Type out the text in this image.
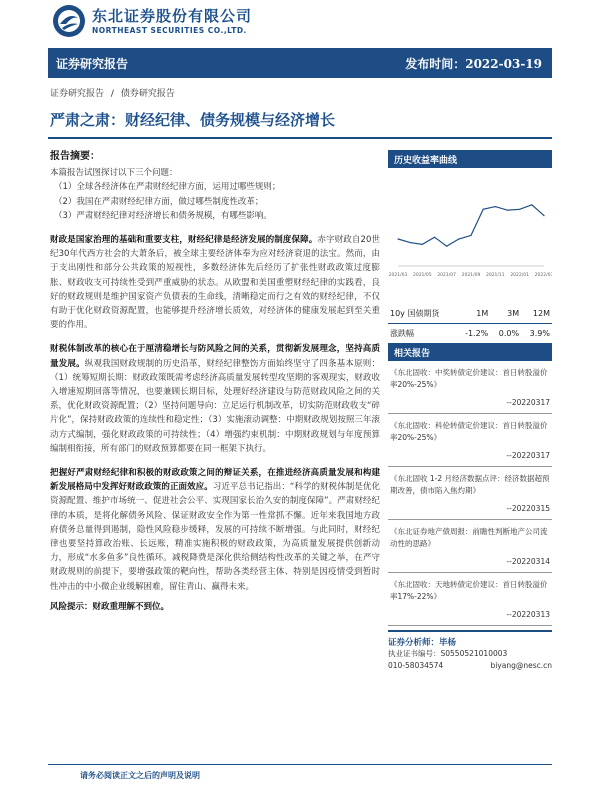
东北证券股份有限公司
NORTHEAST SECURITIES CO.,LTD.
证券研究报告	发布时间：2022-03-19
证券研究报告 / 债券研究报告
严肃之肃：财经纪律、债务规模与经济增长
报告摘要：

本篇报告试图探讨以下三个问题：

（1）全球各经济体在严肃财经纪律方面，运用过哪些规则；

（2）我国在严肃财经纪律方面，做过哪些制度性改革；

（3）严肃财经纪律对经济增长和债务规模，有哪些影响。

财政是国家治理的基础和重要支柱，财经纪律是经济发展的制度保障。赤字财政自20世纪30年代西方社会的大萧条后，被全球主要经济体奉为应对经济衰退的法宝。然而，由于支出刚性和部分公共政策的短视性，多数经济体先后经历了扩张性财政政策过度膨胀、财政收支可持续性受到严重威胁的状态。从欧盟和美国重塑财经纪律的实践看，良好的财政规则是维护国家资产负债表的生命线，清晰稳定而行之有效的财经纪律，不仅有助于优化财政资源配置，也能够提升经济增长质效，对经济体的健康发展起到至关重要的作用。

财税体制改革的核心在于厘清稳增长与防风险之间的关系，贯彻新发展理念，坚持高质量发展。纵观我国财政规制的历史沿革，财经纪律整饬方面始终坚守了四条基本原则：（1）统筹短期长期：财政政策既需考虑经济高质量发展转型攻坚期的客观现实，财政收入增速短期回落等情况，也要兼顾长期目标，处理好经济建设与防范财政风险之间的关系，优化财政资源配置；（2）坚持问题导向：立足运行机制改革，切实防范财政收支“碎片化”，保持财政政策的连续性和稳定性；（3）实施滚动调整：中期财政规划按照三年滚动方式编制，强化财政政策的可持续性；（4）增强约束机制：中期财政规划与年度预算编制相衔接，所有部门的财政预算都要在同一框架下执行。

把握好严肃财经纪律和积极的财政政策之间的辩证关系，在推进经济高质量发展和构建新发展格局中发挥好财政政策的正面效应。习近平总书记指出：“科学的财税体制是优化资源配置、维护市场统一、促进社会公平、实现国家长治久安的制度保障”。严肃财经纪律的本质，是将化解债务风险、保证财政安全作为第一性常抓不懈。近年来我国地方政府债务总量得到遏制，隐性风险稳步缓释，发展的可持续不断增强。与此同时，财经纪律也要坚持算政治账、长远账，精准实施积极的财政政策，为高质量发展提供创新动力，形成“水多鱼多”良性循环。减税降费是深化供给侧结构性改革的关键之举，在严守财政规则的前提下，要增强政策的靶向性，帮助各类经营主体、特别是因疫情受到暂时性冲击的中小微企业缓解困难，留住青山、赢得未来。

风险提示：财政重理解不到位。

历史收益率曲线
2021/03 2021/05 2021/07 2021/09 2021/11 2022/01 2022/03
10y 国债期货	1M	3M	12M
涨跌幅	-1.2%	0.0%	3.9%
相关报告
《东北固收：中奖转债定价建议：首日转股溢价率20%-25%》
--20220317
《东北固收：科伦转债定价建议：首日转股溢价率20%-25%》
--20220317
《东北固收 1-2 月经济数据点评：经济数据超预期改善，债市陷入焦灼期》
--20220315
《东北证券地产债周报：前瞻性判断地产公司流动性的思路》
--20220314
《东北固收：天地转债定价建议：首日转股溢价率17%-22%》
--20220313
证券分析师：毕杨
执业证书编号：S0550521010003
010-58034574	biyang@nesc.cn
请务必阅读正文之后的声明及说明
